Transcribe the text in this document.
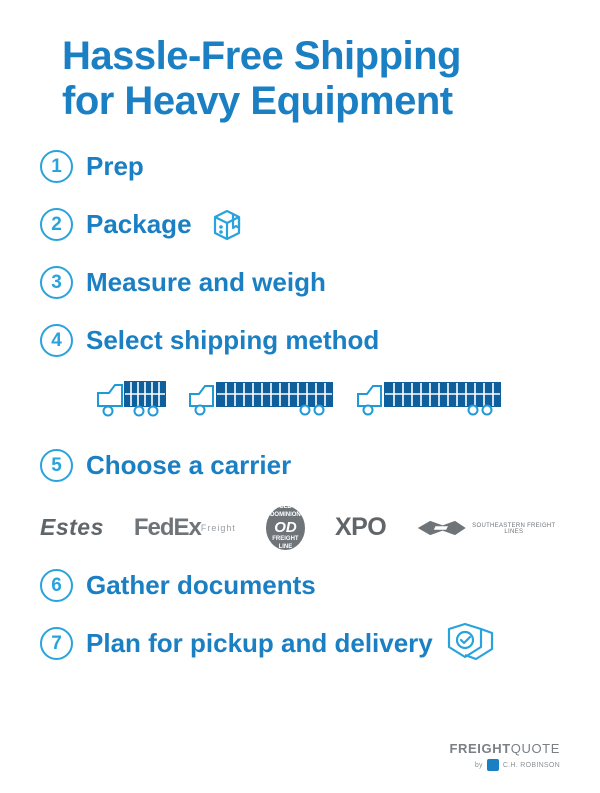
Hassle-Free Shipping
for Heavy Equipment
1 Prep
2 Package
3 Measure and weigh
4 Select shipping method
5 Choose a carrier
Estes FedEx Freight
OLD DOMINION
OD
FREIGHT LINE
XPO	SOUTHEASTERN FREIGHT LINES
6 Gather documents
7 Plan for pickup and delivery
FREIGHTQUOTE
by	C.H. ROBINSON
